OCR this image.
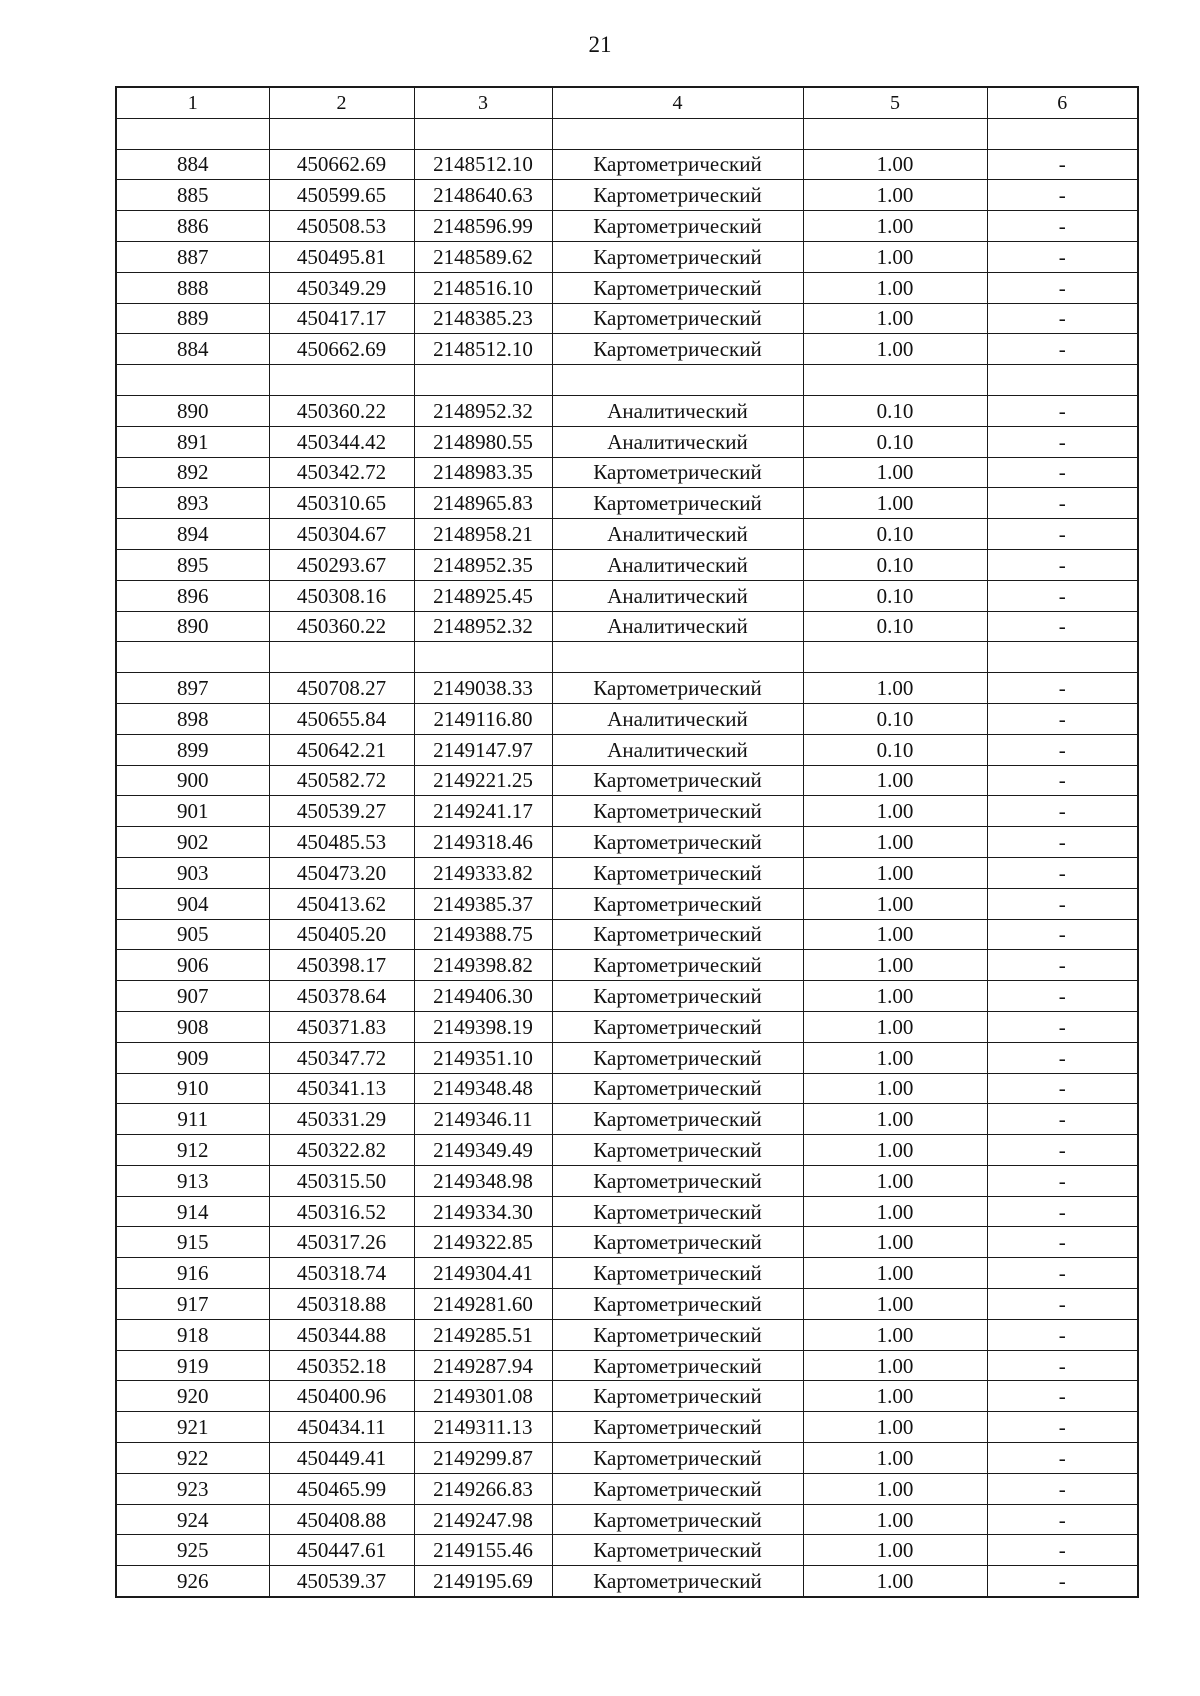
21
1	2	3	4	5	6

884	450662.69	2148512.10	Картометрический	1.00	-
885	450599.65	2148640.63	Картометрический	1.00	-
886	450508.53	2148596.99	Картометрический	1.00	-
887	450495.81	2148589.62	Картометрический	1.00	-
888	450349.29	2148516.10	Картометрический	1.00	-
889	450417.17	2148385.23	Картометрический	1.00	-
884	450662.69	2148512.10	Картометрический	1.00	-

890	450360.22	2148952.32	Аналитический	0.10	-
891	450344.42	2148980.55	Аналитический	0.10	-
892	450342.72	2148983.35	Картометрический	1.00	-
893	450310.65	2148965.83	Картометрический	1.00	-
894	450304.67	2148958.21	Аналитический	0.10	-
895	450293.67	2148952.35	Аналитический	0.10	-
896	450308.16	2148925.45	Аналитический	0.10	-
890	450360.22	2148952.32	Аналитический	0.10	-

897	450708.27	2149038.33	Картометрический	1.00	-
898	450655.84	2149116.80	Аналитический	0.10	-
899	450642.21	2149147.97	Аналитический	0.10	-
900	450582.72	2149221.25	Картометрический	1.00	-
901	450539.27	2149241.17	Картометрический	1.00	-
902	450485.53	2149318.46	Картометрический	1.00	-
903	450473.20	2149333.82	Картометрический	1.00	-
904	450413.62	2149385.37	Картометрический	1.00	-
905	450405.20	2149388.75	Картометрический	1.00	-
906	450398.17	2149398.82	Картометрический	1.00	-
907	450378.64	2149406.30	Картометрический	1.00	-
908	450371.83	2149398.19	Картометрический	1.00	-
909	450347.72	2149351.10	Картометрический	1.00	-
910	450341.13	2149348.48	Картометрический	1.00	-
911	450331.29	2149346.11	Картометрический	1.00	-
912	450322.82	2149349.49	Картометрический	1.00	-
913	450315.50	2149348.98	Картометрический	1.00	-
914	450316.52	2149334.30	Картометрический	1.00	-
915	450317.26	2149322.85	Картометрический	1.00	-
916	450318.74	2149304.41	Картометрический	1.00	-
917	450318.88	2149281.60	Картометрический	1.00	-
918	450344.88	2149285.51	Картометрический	1.00	-
919	450352.18	2149287.94	Картометрический	1.00	-
920	450400.96	2149301.08	Картометрический	1.00	-
921	450434.11	2149311.13	Картометрический	1.00	-
922	450449.41	2149299.87	Картометрический	1.00	-
923	450465.99	2149266.83	Картометрический	1.00	-
924	450408.88	2149247.98	Картометрический	1.00	-
925	450447.61	2149155.46	Картометрический	1.00	-
926	450539.37	2149195.69	Картометрический	1.00	-
